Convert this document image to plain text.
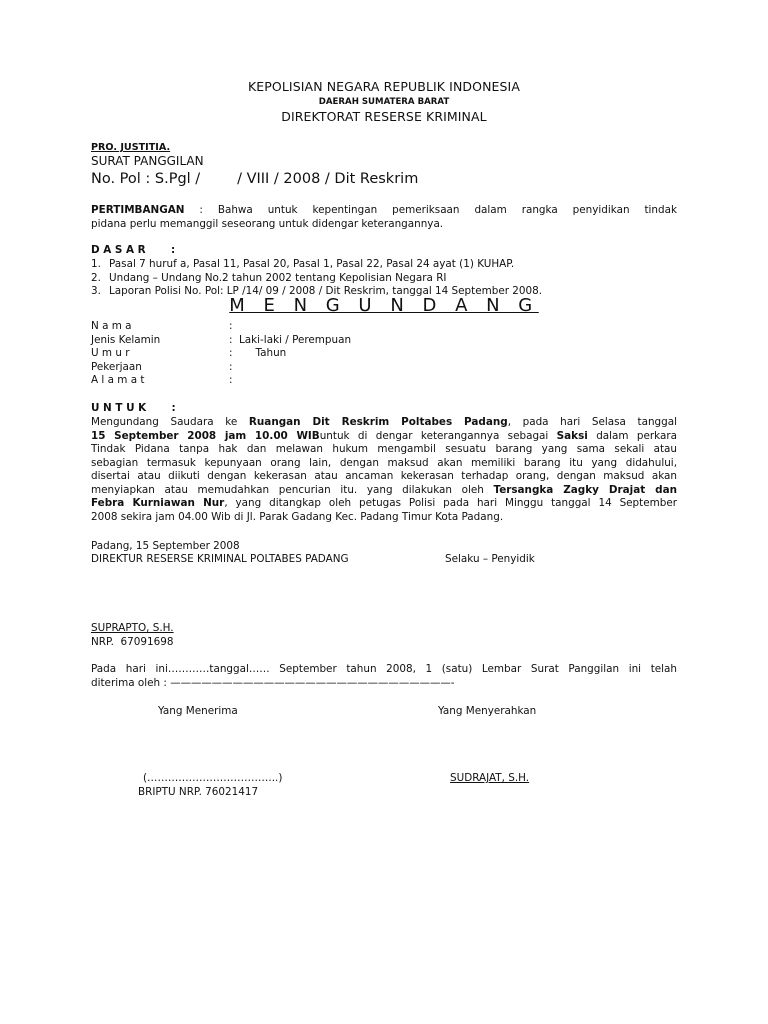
KEPOLISIAN NEGARA REPUBLIK INDONESIA
DAERAH SUMATERA BARAT
DIREKTORAT RESERSE KRIMINAL
PRO. JUSTITIA.
SURAT PANGGILAN
No. Pol : S.Pgl /        / VIII / 2008 / Dit Reskrim
PERTIMBANGAN : Bahwa untuk kepentingan pemeriksaan dalam rangka penyidikan tindak
pidana perlu memanggil seseorang untuk didengar keterangannya.
D A S A R       :
1. Pasal 7 huruf a, Pasal 11, Pasal 20, Pasal 1, Pasal 22, Pasal 24 ayat (1) KUHAP.
2. Undang – Undang No.2 tahun 2002 tentang Kepolisian Negara RI
3. Laporan Polisi No. Pol: LP /14/ 09 / 2008 / Dit Reskrim, tanggal 14 September 2008.
M E N G U N D A N G
N a m a	:
Jenis Kelamin	: Laki-laki / Perempuan
U m u r	: Tahun
Pekerjaan	:
A l a m a t	:
U N T U K       :
Mengundang Saudara ke Ruangan Dit Reskrim Poltabes Padang, pada hari Selasa tanggal
15 September 2008 jam 10.00 WIBuntuk di dengar keterangannya sebagai Saksi dalam perkara
Tindak Pidana tanpa hak dan melawan hukum mengambil sesuatu barang yang sama sekali atau
sebagian termasuk kepunyaan orang lain, dengan maksud akan memiliki barang itu yang didahului,
disertai atau diikuti dengan kekerasan atau ancaman kekerasan terhadap orang, dengan maksud akan
menyiapkan atau memudahkan pencurian itu. yang dilakukan oleh Tersangka Zagky Drajat dan
Febra Kurniawan Nur, yang ditangkap oleh petugas Polisi pada hari Minggu tanggal 14 September
2008 sekira jam 04.00 Wib di Jl. Parak Gadang Kec. Padang Timur Kota Padang.
Padang, 15 September 2008
DIREKTUR RESERSE KRIMINAL POLTABES PADANG	Selaku – Penyidik
SUPRAPTO, S.H.
NRP.  67091698
Pada hari ini…………tanggal…… September tahun 2008, 1 (satu) Lembar Surat Panggilan ini telah
diterima oleh : ———————————————————————————-
Yang Menerima	Yang Menyerahkan
(………………………………..)
BRIPTU NRP. 76021417
SUDRAJAT, S.H.
